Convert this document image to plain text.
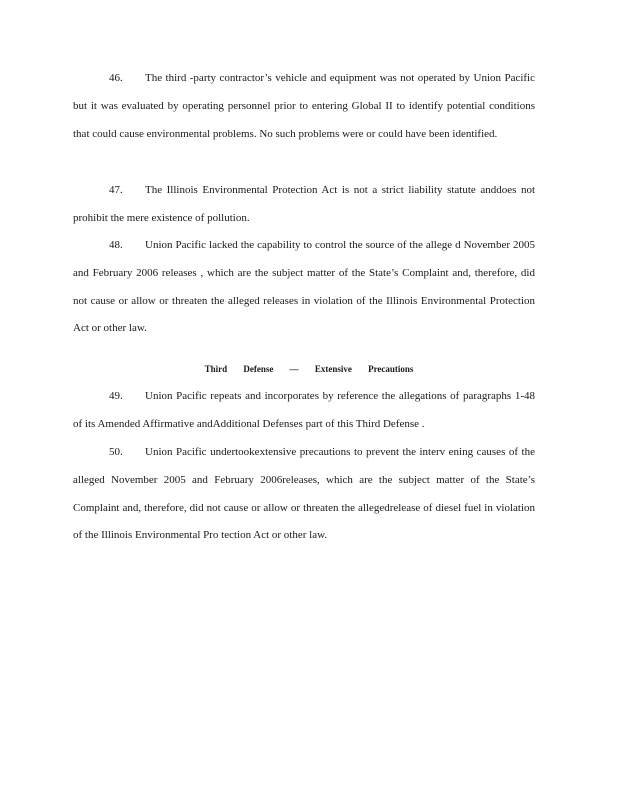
46. The third -party contractor’s vehicle and equipment was not operated by Union Pacific but it was evaluated by operating personnel prior to entering Global II to identify potential conditions that could cause environmental problems. No such problems were or could have been identified.

47. The Illinois Environmental Protection Act is not a strict liability statute anddoes not prohibit the mere existence of pollution.

48. Union Pacific lacked the capability to control the source of the allege d November 2005 and February 2006 releases , which are the subject matter of the State’s Complaint and, therefore, did not cause or allow or threaten the alleged releases in violation of the Illinois Environmental Protection Act or other law.

Third Defense — Extensive Precautions

49. Union Pacific repeats and incorporates by reference the allegations of paragraphs 1-48 of its Amended Affirmative andAdditional Defenses part of this Third Defense .

50. Union Pacific undertookextensive precautions to prevent the interv ening causes of the alleged November 2005 and February 2006releases, which are the subject matter of the State’s Complaint and, therefore, did not cause or allow or threaten the allegedrelease of diesel fuel in violation of the Illinois Environmental Pro tection Act or other law.
